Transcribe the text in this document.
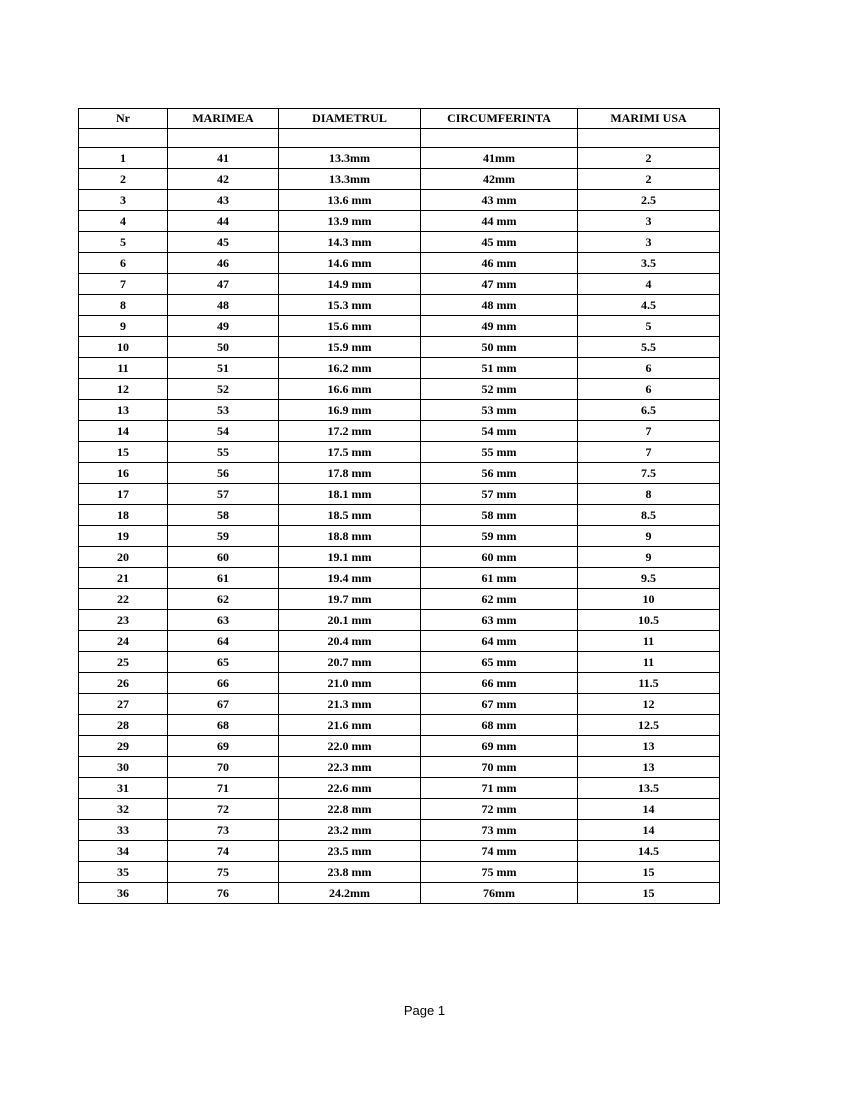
Nr	MARIMEA	DIAMETRUL	CIRCUMFERINTA	MARIMI USA

1	41	13.3mm	41mm	2
2	42	13.3mm	42mm	2
3	43	13.6 mm	43 mm	2.5
4	44	13.9 mm	44 mm	3
5	45	14.3 mm	45 mm	3
6	46	14.6 mm	46 mm	3.5
7	47	14.9 mm	47 mm	4
8	48	15.3 mm	48 mm	4.5
9	49	15.6 mm	49 mm	5
10	50	15.9 mm	50 mm	5.5
11	51	16.2 mm	51 mm	6
12	52	16.6 mm	52 mm	6
13	53	16.9 mm	53 mm	6.5
14	54	17.2 mm	54 mm	7
15	55	17.5 mm	55 mm	7
16	56	17.8 mm	56 mm	7.5
17	57	18.1 mm	57 mm	8
18	58	18.5 mm	58 mm	8.5
19	59	18.8 mm	59 mm	9
20	60	19.1 mm	60 mm	9
21	61	19.4 mm	61 mm	9.5
22	62	19.7 mm	62 mm	10
23	63	20.1 mm	63 mm	10.5
24	64	20.4 mm	64 mm	11
25	65	20.7 mm	65 mm	11
26	66	21.0 mm	66 mm	11.5
27	67	21.3 mm	67 mm	12
28	68	21.6 mm	68 mm	12.5
29	69	22.0 mm	69 mm	13
30	70	22.3 mm	70 mm	13
31	71	22.6 mm	71 mm	13.5
32	72	22.8 mm	72 mm	14
33	73	23.2 mm	73 mm	14
34	74	23.5 mm	74 mm	14.5
35	75	23.8 mm	75 mm	15
36	76	24.2mm	76mm	15
Page 1
